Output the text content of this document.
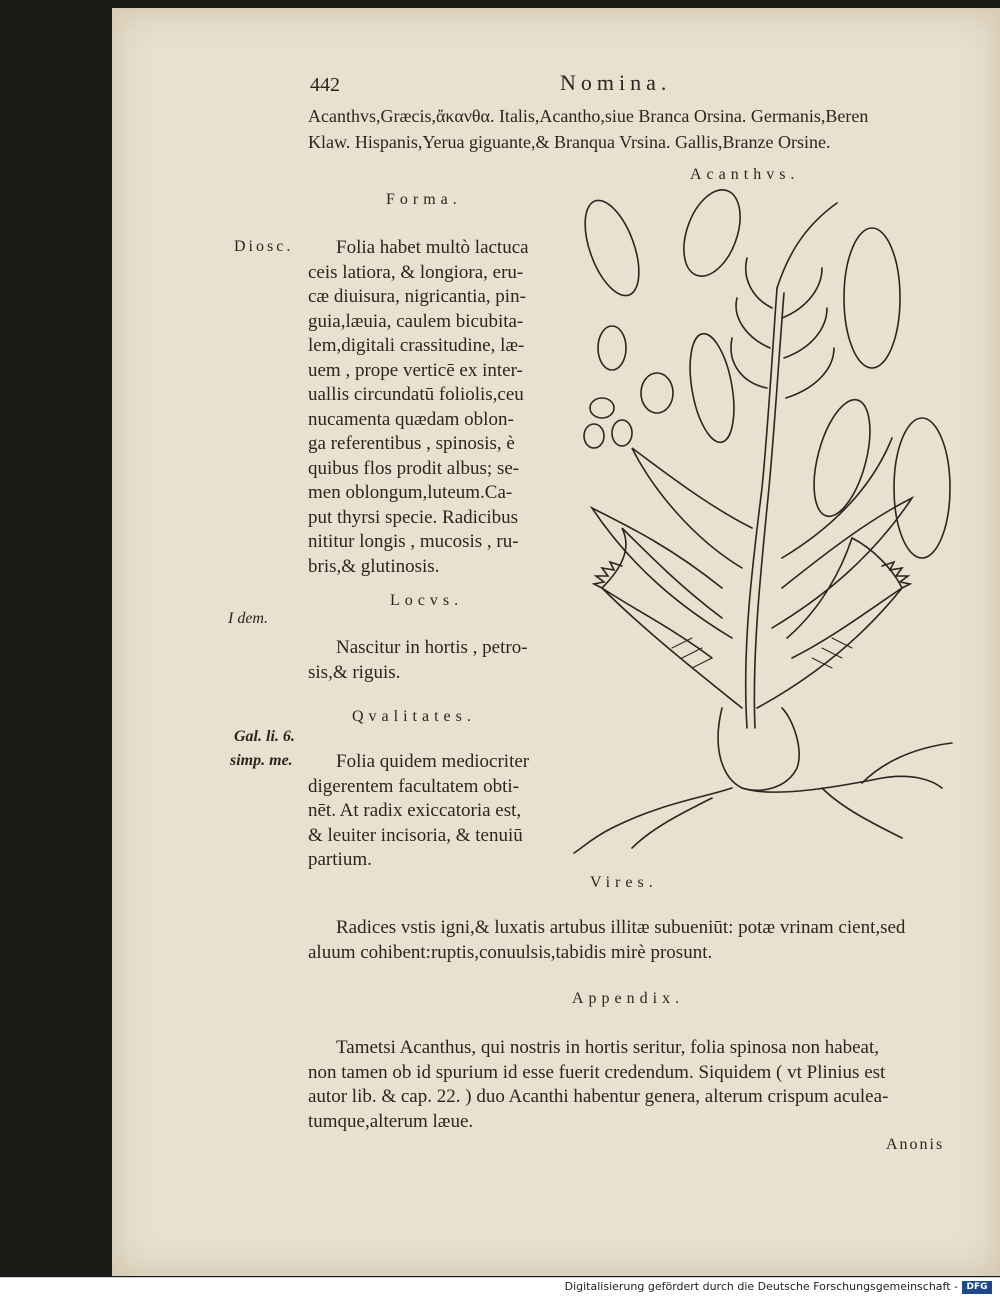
442	Nomina.
Acanthvs,Græcis,ἄκανθα. Italis,Acantho,siue Branca Orsina. Germanis,Beren
Klaw. Hispanis,Yerua giguante,& Branqua Vrsina. Gallis,Branze Orsine.
Acanthvs.
Forma.
Diosc.	Folia habet multò lactuca
ceis latiora, & longiora, eru-
cæ diuisura, nigricantia, pin-
guia,læuia, caulem bicubita-
lem,digitali crassitudine, læ-
uem , prope verticē ex inter-
uallis circundatū foliolis,ceu
nucamenta quædam oblon-
ga referentibus , spinosis, è
quibus flos prodit albus; se-
men oblongum,luteum.Ca-
put thyrsi specie. Radicibus
nititur longis , mucosis , ru-
bris,& glutinosis.
Locvs.
I dem.
Nascitur in hortis , petro-
sis,& riguis.
Qvalitates.
Gal. li. 6.
simp. me.	Folia quidem mediocriter
digerentem facultatem obti-
nēt. At radix exiccatoria est,
& leuiter incisoria, & tenuiū
partium.
Vires.
Radices vstis igni,& luxatis artubus illitæ subueniūt: potæ vrinam cient,sed
aluum cohibent:ruptis,conuulsis,tabidis mirè prosunt.
Appendix.
Tametsi Acanthus, qui nostris in hortis seritur, folia spinosa non habeat,
non tamen ob id spurium id esse fuerit credendum. Siquidem ( vt Plinius est
autor lib. & cap. 22. ) duo Acanthi habentur genera, alterum crispum aculea-
tumque,alterum læue.
Anonis
Digitalisierung gefördert durch die Deutsche Forschungsgemeinschaft - DFG
